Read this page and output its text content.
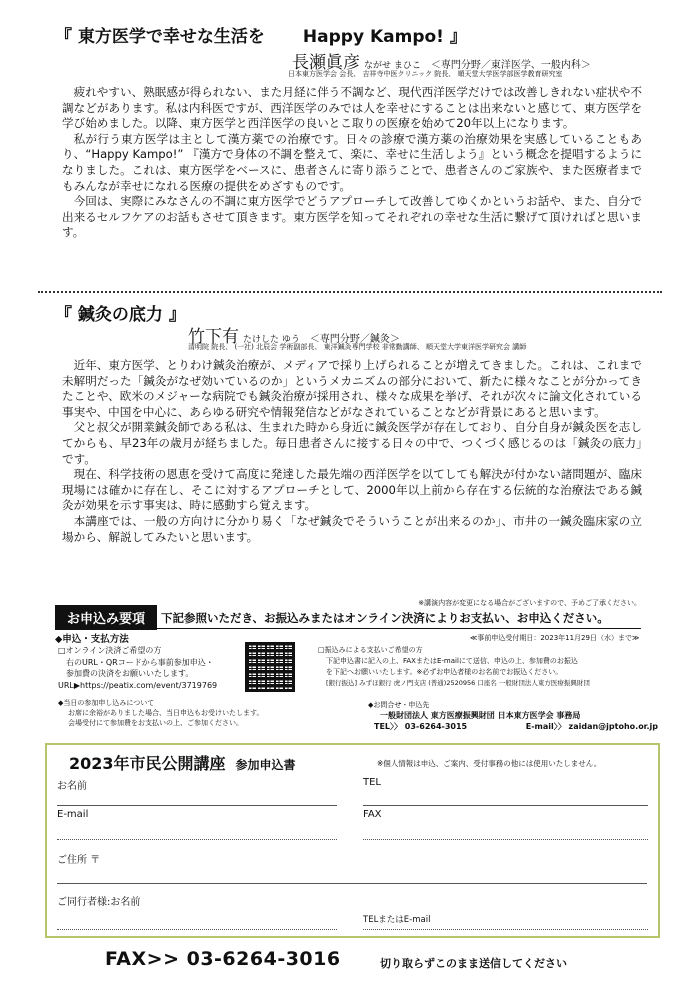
『 東方医学で幸せな生活を Happy Kampo! 』
長瀬眞彦 ながせ まひこ ＜専門分野／東洋医学、一般内科＞
日本東方医学会 会長、 吉祥寺中医クリニック 院長、 順天堂大学医学部医学教育研究室

疲れやすい、熟眠感が得られない、また月経に伴う不調など、現代西洋医学だけでは改善しきれない症状や不調などがあります。私は内科医ですが、西洋医学のみでは人を幸せにすることは出来ないと感じて、東方医学を学び始めました。以降、東方医学と西洋医学の良いとこ取りの医療を始めて20年以上になります。

私が行う東方医学は主として漢方薬での治療です。日々の診療で漢方薬の治療効果を実感していることもあり、“Happy Kampo!” 『漢方で身体の不調を整えて、楽に、幸せに生活しよう』という概念を提唱するようになりました。これは、東方医学をベースに、患者さんに寄り添うことで、患者さんのご家族や、また医療者までもみんなが幸せになれる医療の提供をめざすものです。

今回は、実際にみなさんの不調に東方医学でどうアプローチして改善してゆくかというお話や、また、自分で出来るセルフケアのお話もさせて頂きます。東方医学を知ってそれぞれの幸せな生活に繋げて頂ければと思います。

『 鍼灸の底力 』
竹下有 たけした ゆう ＜専門分野／鍼灸＞
清明院 院長、 (一社) 北辰会 学術副部長、 東洋鍼灸専門学校 非常勤講師、 順天堂大学東洋医学研究会 講師

近年、東方医学、とりわけ鍼灸治療が、メディアで採り上げられることが増えてきました。これは、これまで未解明だった「鍼灸がなぜ効いているのか」というメカニズムの部分において、新たに様々なことが分かってきたことや、欧米のメジャーな病院でも鍼灸治療が採用され、様々な成果を挙げ、それが次々に論文化されている事実や、中国を中心に、あらゆる研究や情報発信などがなされていることなどが背景にあると思います。

父と叔父が開業鍼灸師である私は、生まれた時から身近に鍼灸医学が存在しており、自分自身が鍼灸医を志してからも、早23年の歳月が経ちました。毎日患者さんに接する日々の中で、つくづく感じるのは「鍼灸の底力」です。

現在、科学技術の恩恵を受けて高度に発達した最先端の西洋医学を以てしても解決が付かない諸問題が、臨床現場には確かに存在し、そこに対するアプローチとして、2000年以上前から存在する伝統的な治療法である鍼灸が効果を示す事実は、時に感動すら覚えます。

本講座では、一般の方向けに分かり易く「なぜ鍼灸でそういうことが出来るのか」、市井の一鍼灸臨床家の立場から、解説してみたいと思います。

※講演内容が変更になる場合がございますので、予めご了承ください。
お申込み要項	下記参照いただき、お振込みまたはオンライン決済によりお支払い、お申込ください。
◆申込・支払方法	≪事前申込受付期日：2023年11月29日（水）まで≫
□オンライン決済ご希望の方
右のURL・QRコードから事前参加申込・
参加費の決済をお願いいたします。
URL▶https://peatix.com/event/3719769
◆当日の参加申し込みについて
お席に余裕がありました場合、当日申込もお受けいたします。
会場受付にて参加費をお支払いの上、ご参加ください。
□振込みによる支払いご希望の方
下記申込書に記入の上、FAXまたはE-mailにて送信、申込の上、参加費のお振込
を下記へお願いいたします。※必ずお申込者様のお名前でお振込ください。
[銀行振込] みずほ銀行 虎ノ門支店 (普通)2520956 口座名 一般財団法人東方医療振興財団
◆お問合せ・申込先
一般財団法人 東方医療振興財団 日本東方医学会 事務局
TEL〉〉 03-6264-3015	E-mail〉〉 zaidan@jptoho.or.jp
2023年市民公開講座 参加申込書	※個人情報は申込、ご案内、受付事務の他には使用いたしません。
お名前	TEL
E-mail	FAX
ご住所 〒
ご同行者様:お名前
TELまたはE-mail
FAX>> 03-6264-3016	切り取らずこのまま送信してください
